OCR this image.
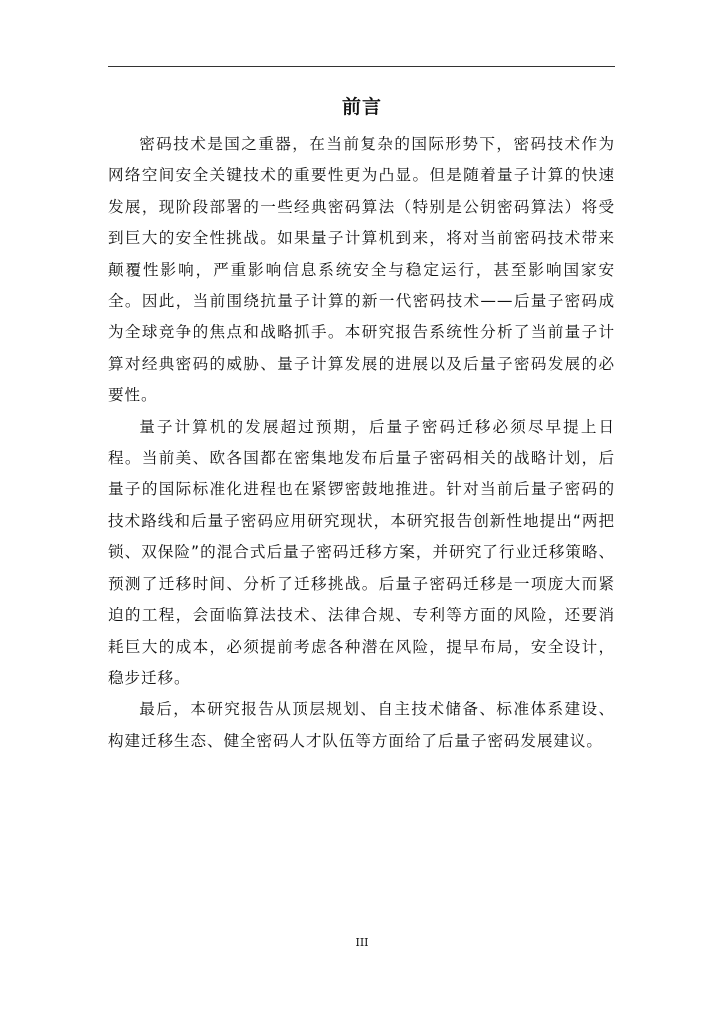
前言

密码技术是国之重器，在当前复杂的国际形势下，密码技术作为网络空间安全关键技术的重要性更为凸显。但是随着量子计算的快速发展，现阶段部署的一些经典密码算法（特别是公钥密码算法）将受到巨大的安全性挑战。如果量子计算机到来，将对当前密码技术带来颠覆性影响，严重影响信息系统安全与稳定运行，甚至影响国家安全。因此，当前围绕抗量子计算的新一代密码技术——后量子密码成为全球竞争的焦点和战略抓手。本研究报告系统性分析了当前量子计算对经典密码的威胁、量子计算发展的进展以及后量子密码发展的必要性。

量子计算机的发展超过预期，后量子密码迁移必须尽早提上日程。当前美、欧各国都在密集地发布后量子密码相关的战略计划，后量子的国际标准化进程也在紧锣密鼓地推进。针对当前后量子密码的技术路线和后量子密码应用研究现状，本研究报告创新性地提出“两把锁、双保险”的混合式后量子密码迁移方案，并研究了行业迁移策略、预测了迁移时间、分析了迁移挑战。后量子密码迁移是一项庞大而紧迫的工程，会面临算法技术、法律合规、专利等方面的风险，还要消耗巨大的成本，必须提前考虑各种潜在风险，提早布局，安全设计，稳步迁移。

最后，本研究报告从顶层规划、自主技术储备、标准体系建设、构建迁移生态、健全密码人才队伍等方面给了后量子密码发展建议。

III
